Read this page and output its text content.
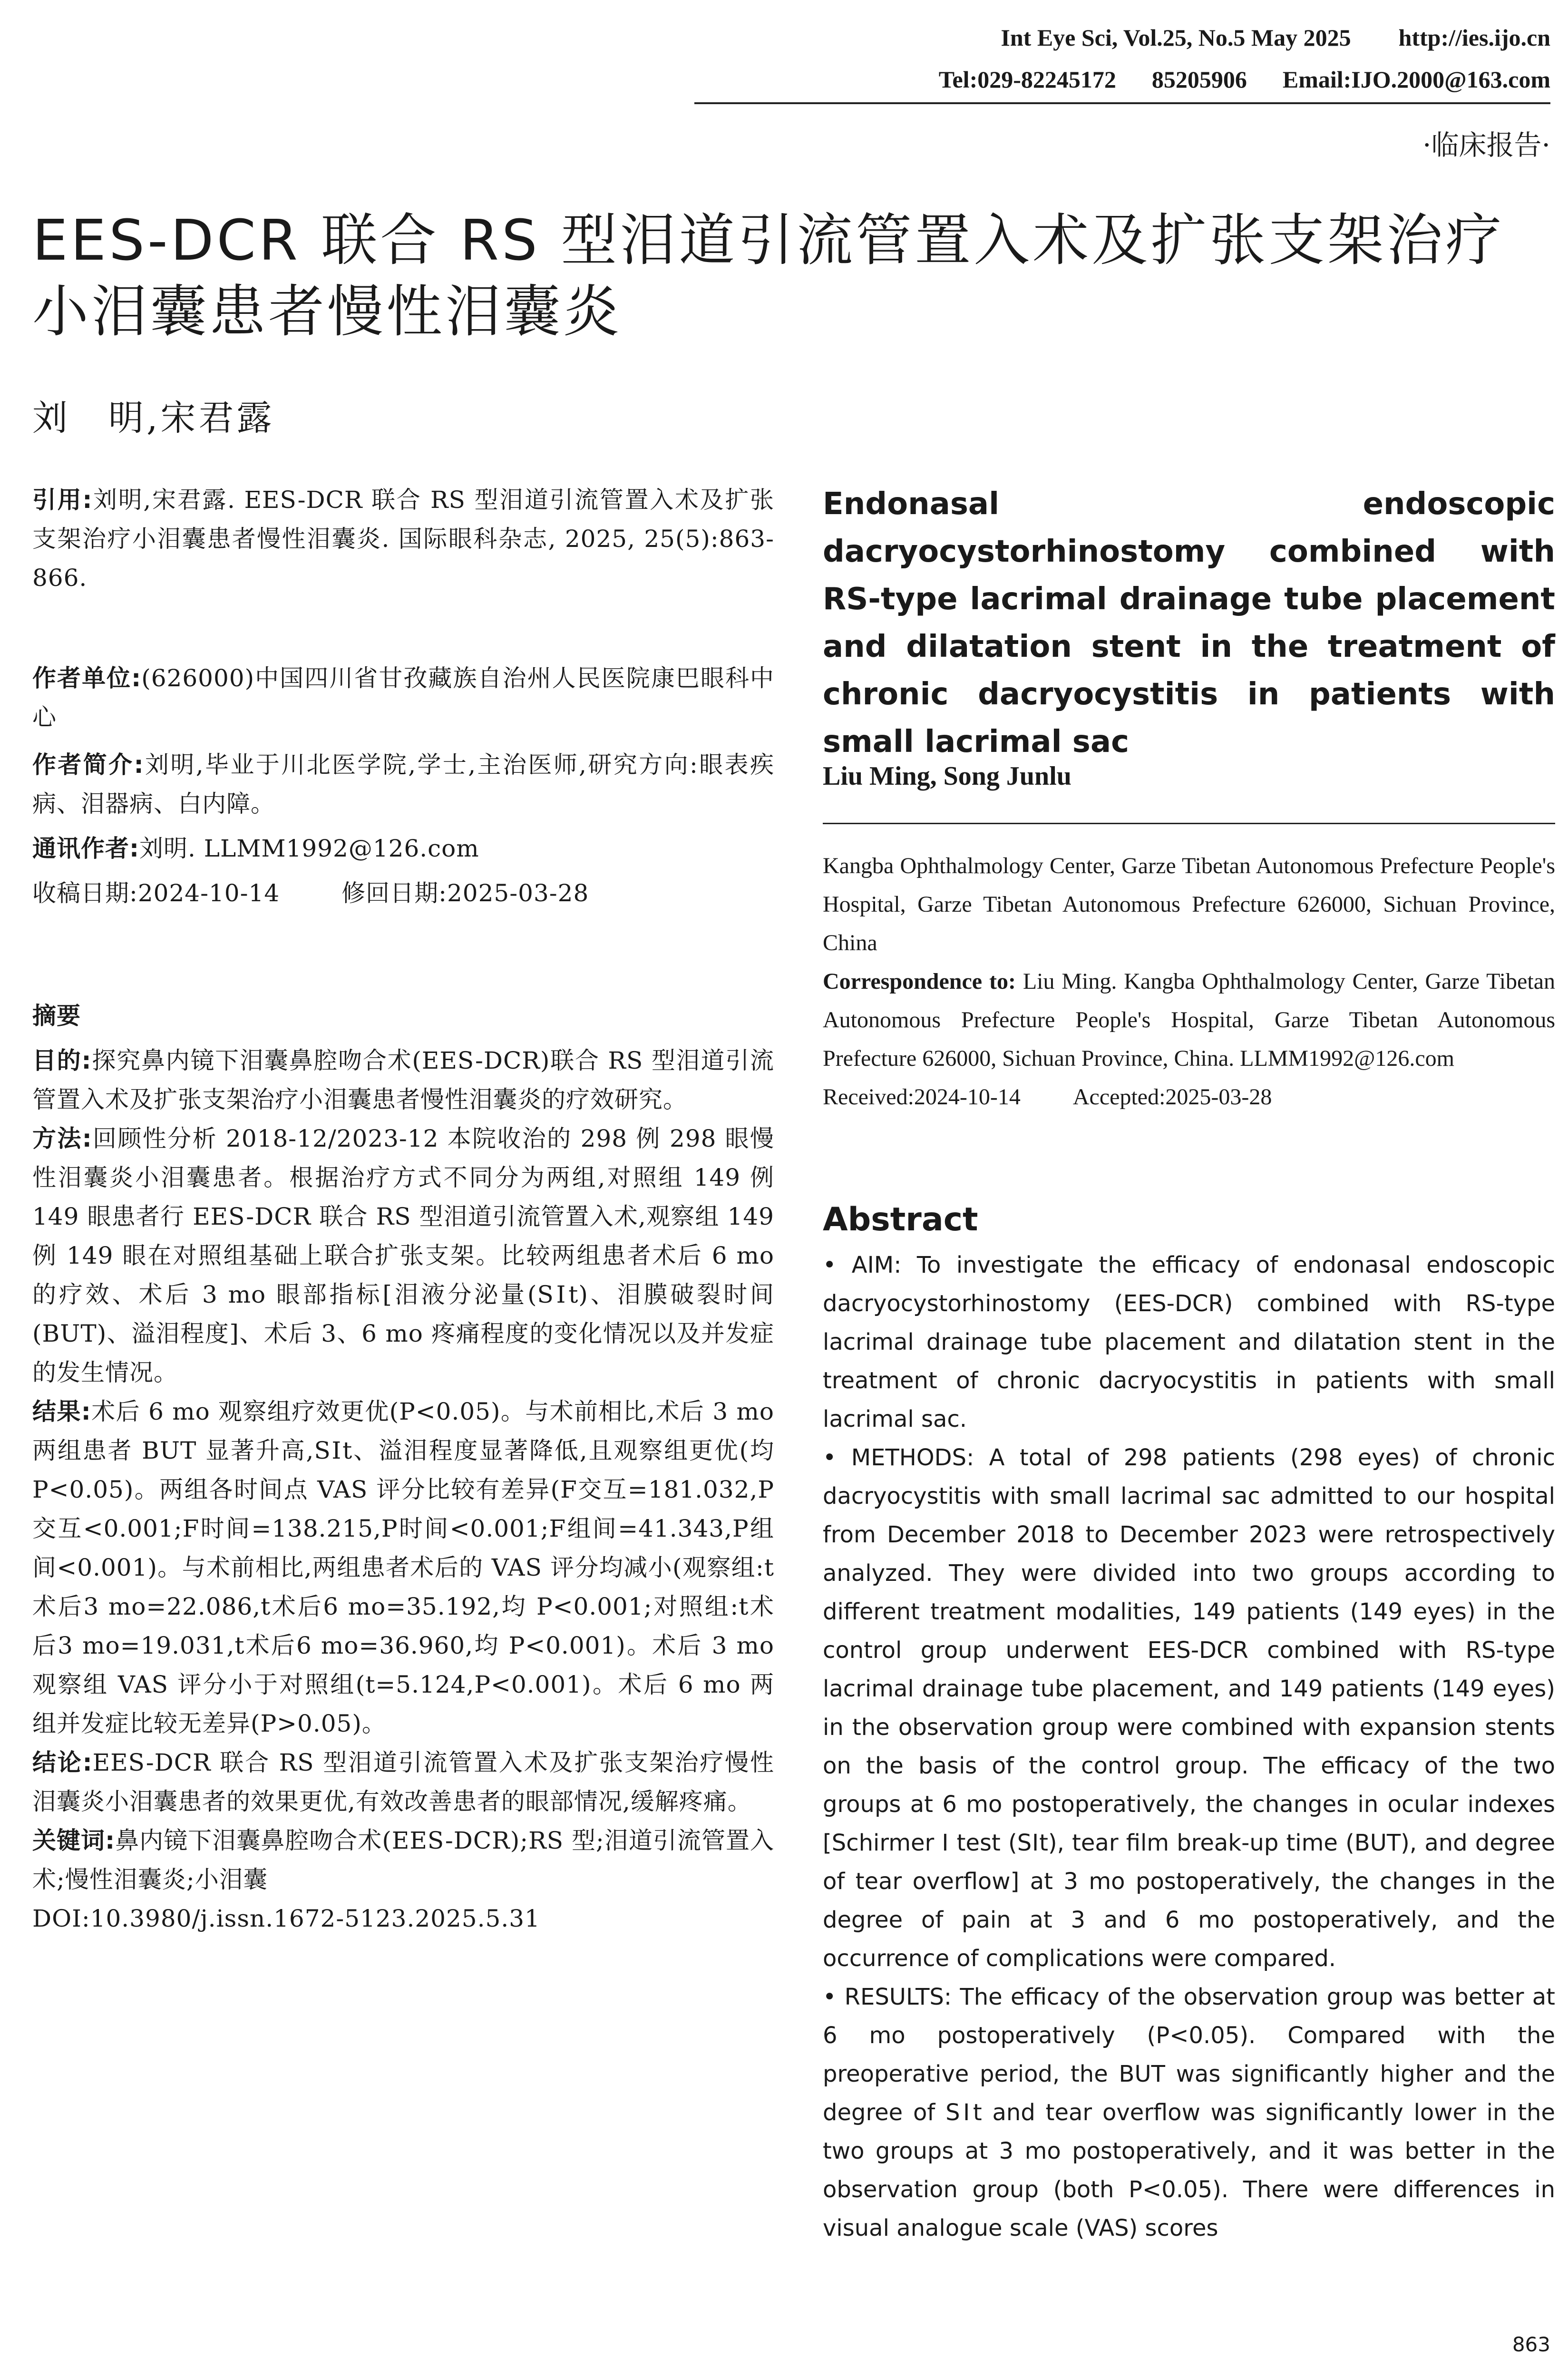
Int Eye Sci, Vol.25, No.5 May 2025        http://ies.ijo.cn
Tel:029-82245172      85205906      Email:IJO.2000@163.com
·临床报告·
EES-DCR 联合 RS 型泪道引流管置入术及扩张支架治疗小泪囊患者慢性泪囊炎
刘　明,宋君露
引用:刘明,宋君露. EES-DCR 联合 RS 型泪道引流管置入术及扩张支架治疗小泪囊患者慢性泪囊炎. 国际眼科杂志, 2025, 25(5):863-866.

作者单位:(626000)中国四川省甘孜藏族自治州人民医院康巴眼科中心

作者简介:刘明,毕业于川北医学院,学士,主治医师,研究方向:眼表疾病、泪器病、白内障。

通讯作者:刘明. LLMM1992@126.com

收稿日期:2024-10-14	修回日期:2025-03-28

摘要

目的:探究鼻内镜下泪囊鼻腔吻合术(EES-DCR)联合 RS 型泪道引流管置入术及扩张支架治疗小泪囊患者慢性泪囊炎的疗效研究。

方法:回顾性分析 2018-12/2023-12 本院收治的 298 例 298 眼慢性泪囊炎小泪囊患者。根据治疗方式不同分为两组,对照组 149 例 149 眼患者行 EES-DCR 联合 RS 型泪道引流管置入术,观察组 149 例 149 眼在对照组基础上联合扩张支架。比较两组患者术后 6 mo 的疗效、术后 3 mo 眼部指标[泪液分泌量(SⅠt)、泪膜破裂时间(BUT)、溢泪程度]、术后 3、6 mo 疼痛程度的变化情况以及并发症的发生情况。

结果:术后 6 mo 观察组疗效更优(P<0.05)。与术前相比,术后 3 mo 两组患者 BUT 显著升高,SⅠt、溢泪程度显著降低,且观察组更优(均 P<0.05)。两组各时间点 VAS 评分比较有差异(F交互=181.032,P交互<0.001;F时间=138.215,P时间<0.001;F组间=41.343,P组间<0.001)。与术前相比,两组患者术后的 VAS 评分均减小(观察组:t术后3 mo=22.086,t术后6 mo=35.192,均 P<0.001;对照组:t术后3 mo=19.031,t术后6 mo=36.960,均 P<0.001)。术后 3 mo 观察组 VAS 评分小于对照组(t=5.124,P<0.001)。术后 6 mo 两组并发症比较无差异(P>0.05)。

结论:EES-DCR 联合 RS 型泪道引流管置入术及扩张支架治疗慢性泪囊炎小泪囊患者的效果更优,有效改善患者的眼部情况,缓解疼痛。

关键词:鼻内镜下泪囊鼻腔吻合术(EES-DCR);RS 型;泪道引流管置入术;慢性泪囊炎;小泪囊

DOI:10.3980/j.issn.1672-5123.2025.5.31

Endonasal endoscopic dacryocystorhinostomy combined with RS-type lacrimal drainage tube placement and dilatation stent in the treatment of chronic dacryocystitis in patients with small lacrimal sac
Liu Ming, Song Junlu

Kangba Ophthalmology Center, Garze Tibetan Autonomous Prefecture People's Hospital, Garze Tibetan Autonomous Prefecture 626000, Sichuan Province, China

Correspondence to: Liu Ming. Kangba Ophthalmology Center, Garze Tibetan Autonomous Prefecture People's Hospital, Garze Tibetan Autonomous Prefecture 626000, Sichuan Province, China. LLMM1992@126.com

Received:2024-10-14 Accepted:2025-03-28

Abstract

• AIM: To investigate the efficacy of endonasal endoscopic dacryocystorhinostomy (EES-DCR) combined with RS-type lacrimal drainage tube placement and dilatation stent in the treatment of chronic dacryocystitis in patients with small lacrimal sac.

• METHODS: A total of 298 patients (298 eyes) of chronic dacryocystitis with small lacrimal sac admitted to our hospital from December 2018 to December 2023 were retrospectively analyzed. They were divided into two groups according to different treatment modalities, 149 patients (149 eyes) in the control group underwent EES-DCR combined with RS-type lacrimal drainage tube placement, and 149 patients (149 eyes) in the observation group were combined with expansion stents on the basis of the control group. The efficacy of the two groups at 6 mo postoperatively, the changes in ocular indexes [Schirmer Ⅰ test (SⅠt), tear film break-up time (BUT), and degree of tear overflow] at 3 mo postoperatively, the changes in the degree of pain at 3 and 6 mo postoperatively, and the occurrence of complications were compared.

• RESULTS: The efficacy of the observation group was better at 6 mo postoperatively (P<0.05). Compared with the preoperative period, the BUT was significantly higher and the degree of SⅠt and tear overflow was significantly lower in the two groups at 3 mo postoperatively, and it was better in the observation group (both P<0.05). There were differences in visual analogue scale (VAS) scores

863
